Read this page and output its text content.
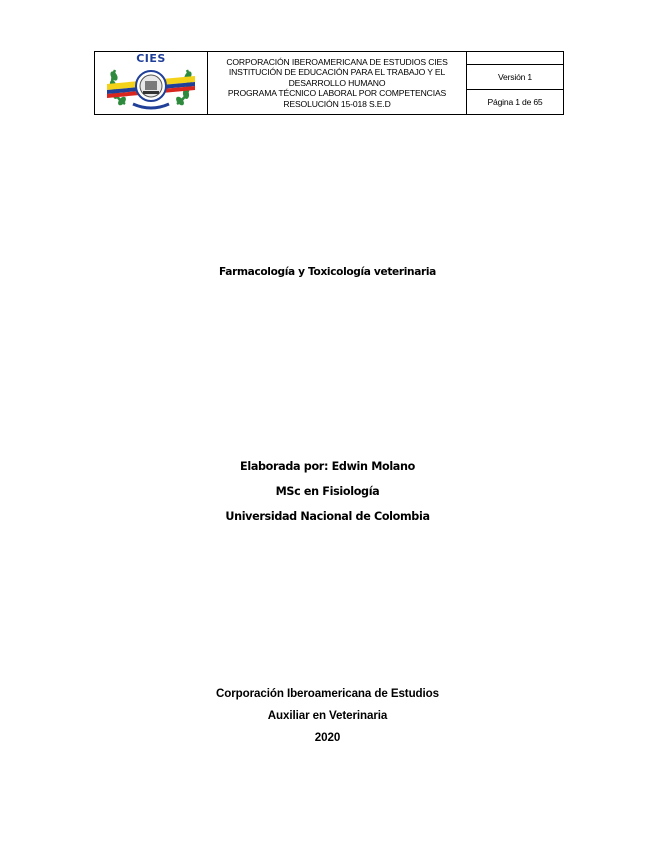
CIES	CORPORACIÓN IBEROAMERICANA DE ESTUDIOS CIES
INSTITUCIÓN DE EDUCACIÓN PARA EL TRABAJO Y EL
DESARROLLO HUMANO
PROGRAMA TÉCNICO LABORAL POR COMPETENCIAS
RESOLUCIÓN 15-018 S.E.D

Versión 1
Página 1 de 65
Farmacología y Toxicología veterinaria
Elaborada por: Edwin Molano
MSc en Fisiología
Universidad Nacional de Colombia
Corporación Iberoamericana de Estudios
Auxiliar en Veterinaria
2020
